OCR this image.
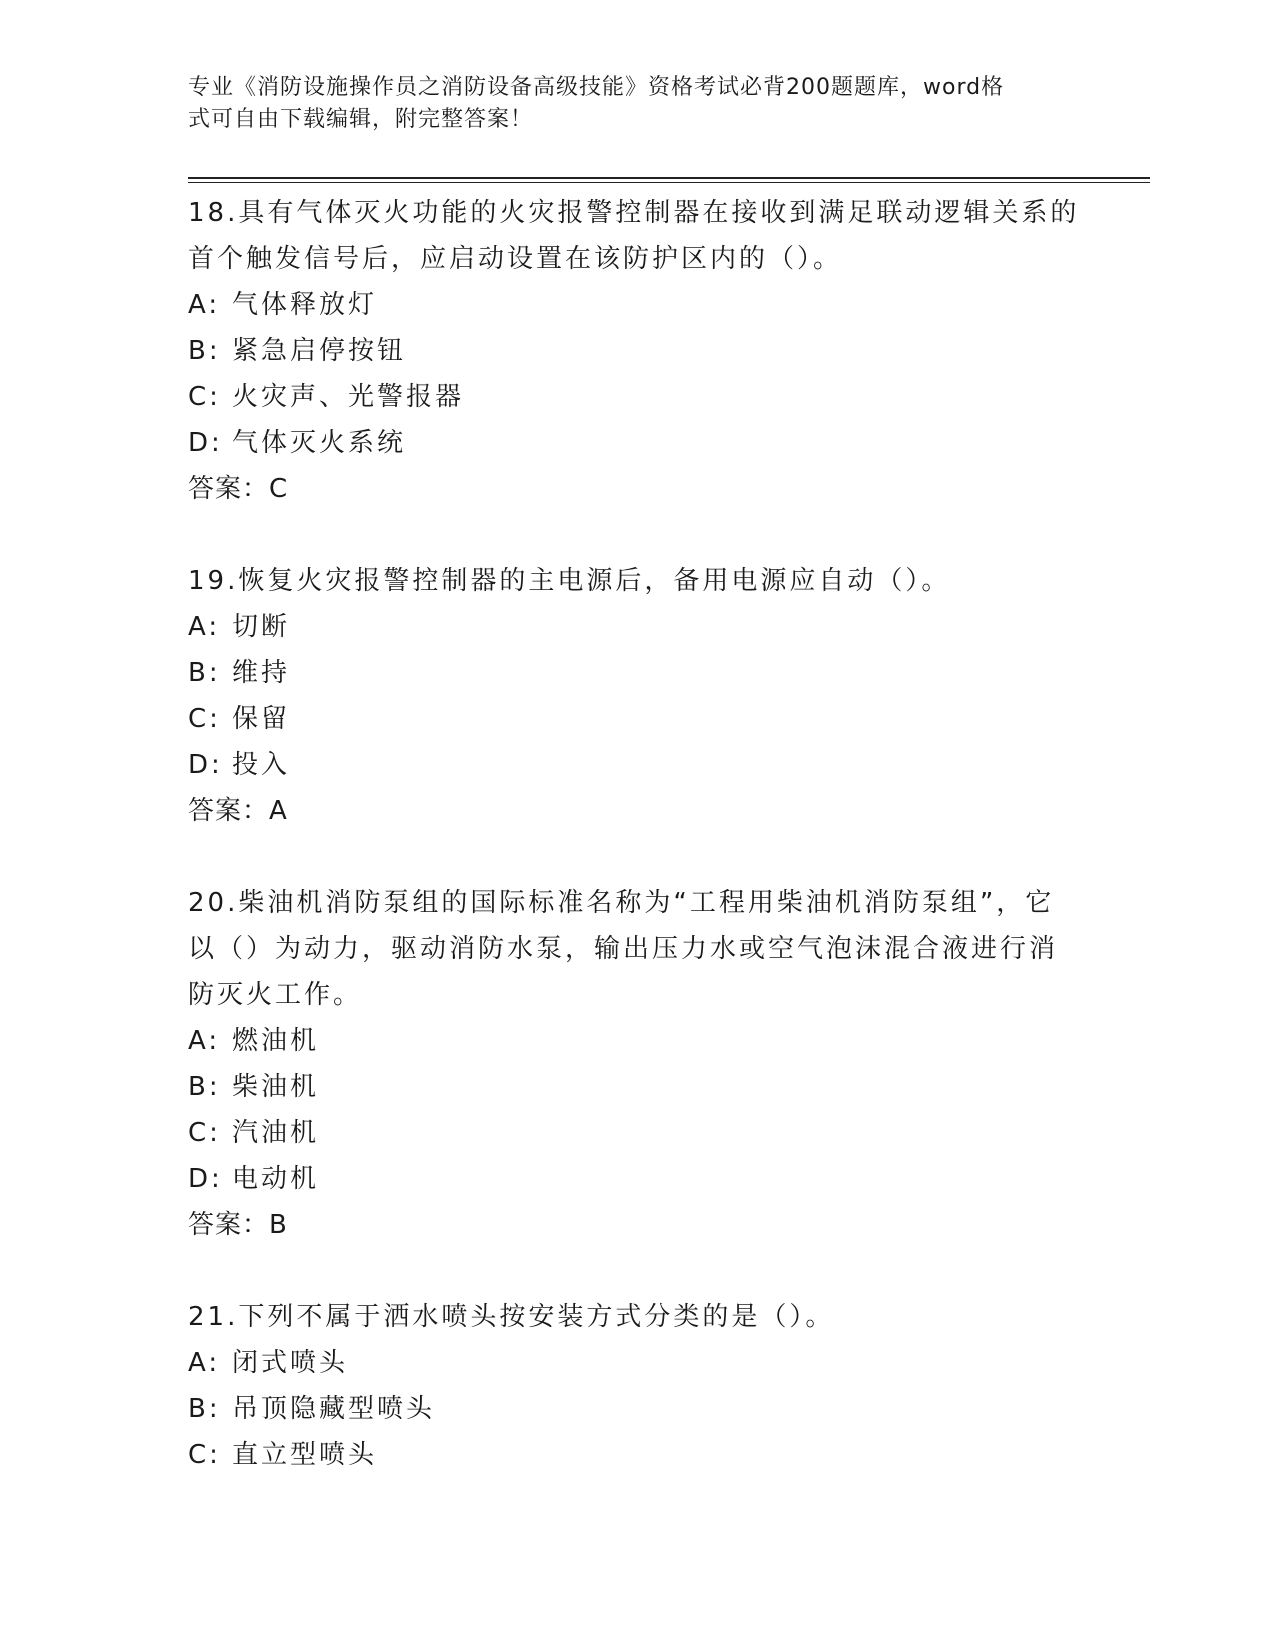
专业《消防设施操作员之消防设备高级技能》资格考试必背200题题库，word格

式可自由下载编辑，附完整答案！

18.具有气体灭火功能的火灾报警控制器在接收到满足联动逻辑关系的
首个触发信号后，应启动设置在该防护区内的（）。
A: 气体释放灯
B: 紧急启停按钮
C: 火灾声、光警报器
D: 气体灭火系统
答案：C
19.恢复火灾报警控制器的主电源后，备用电源应自动（）。
A: 切断
B: 维持
C: 保留
D: 投入
答案：A
20.柴油机消防泵组的国际标准名称为“工程用柴油机消防泵组”，它
以（）为动力，驱动消防水泵，输出压力水或空气泡沫混合液进行消
防灭火工作。
A: 燃油机
B: 柴油机
C: 汽油机
D: 电动机
答案：B
21.下列不属于洒水喷头按安装方式分类的是（）。
A: 闭式喷头
B: 吊顶隐藏型喷头
C: 直立型喷头
